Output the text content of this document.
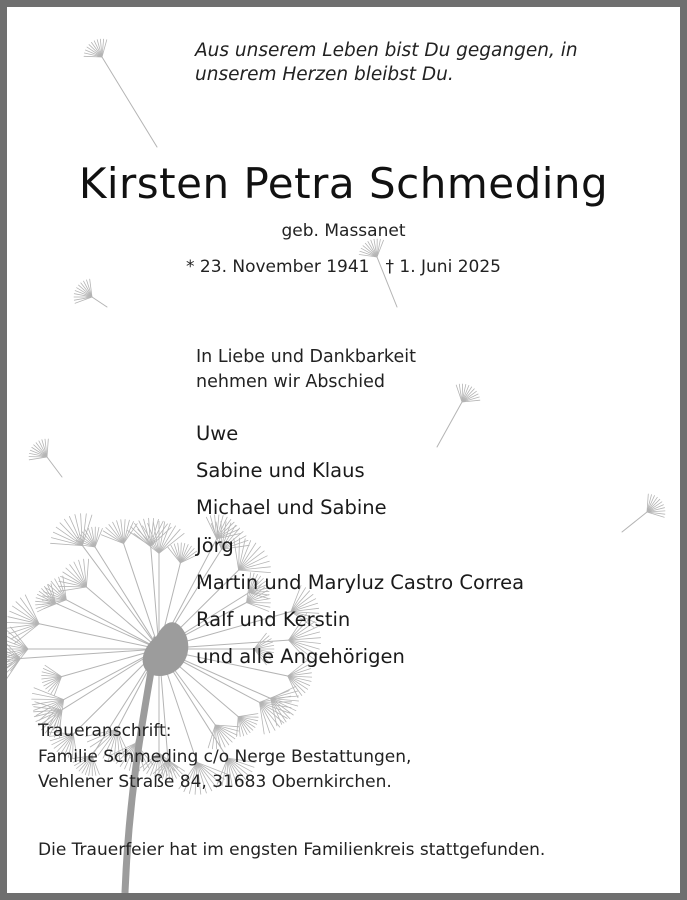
Aus unserem Leben bist Du gegangen, in
unserem Herzen bleibst Du.
Kirsten Petra Schmeding
geb. Massanet
* 23. November 1941 † 1. Juni 2025
In Liebe und Dankbarkeit
nehmen wir Abschied
Uwe
Sabine und Klaus
Michael und Sabine
Jörg
Martin und Maryluz Castro Correa
Ralf und Kerstin
und alle Angehörigen
Traueranschrift:
Familie Schmeding c/o Nerge Bestattungen,
Vehlener Straße 84, 31683 Obernkirchen.
Die Trauerfeier hat im engsten Familienkreis stattgefunden.
